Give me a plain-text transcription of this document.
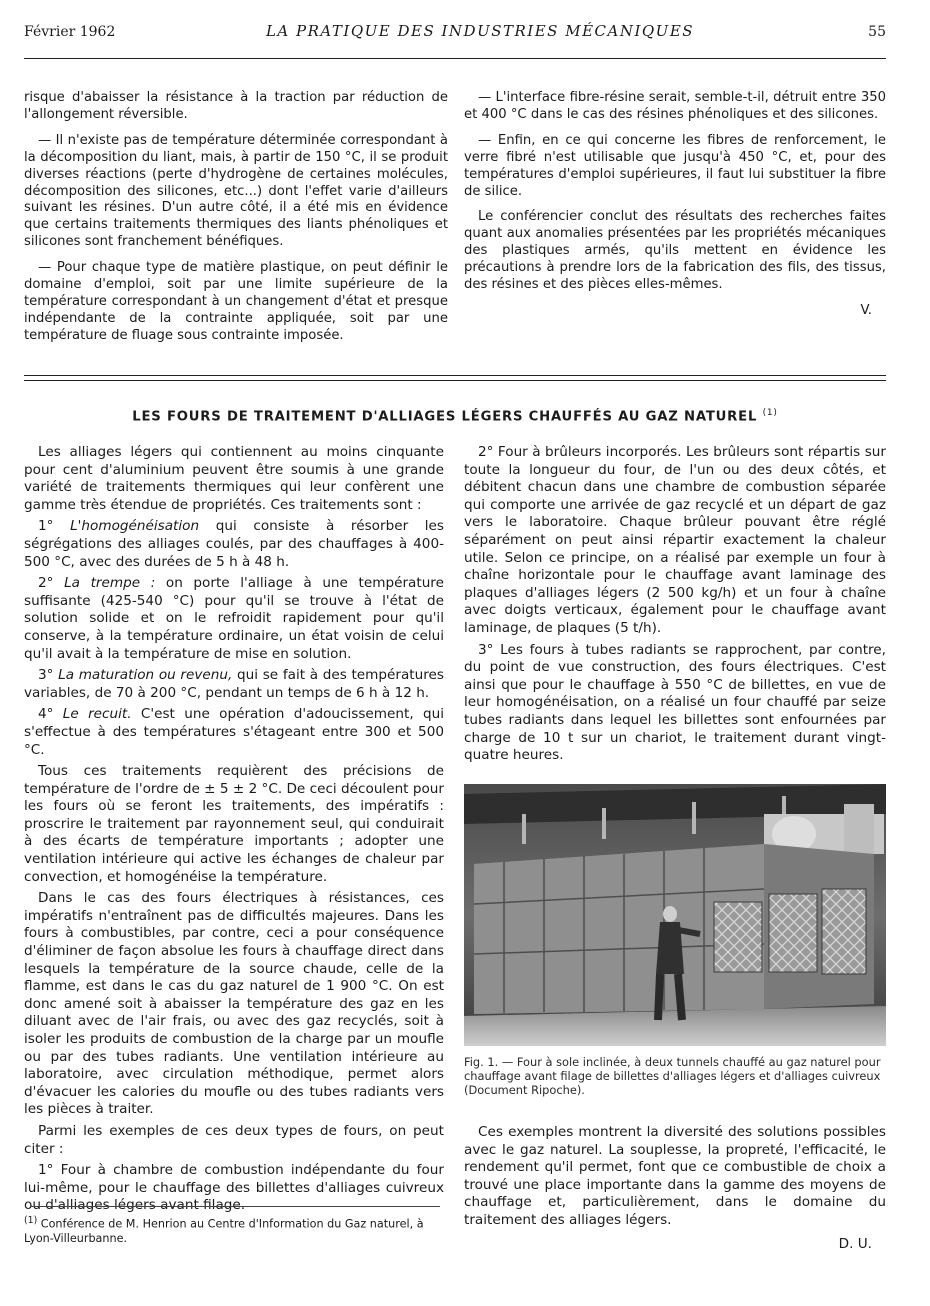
Février 1962	LA PRATIQUE DES INDUSTRIES MÉCANIQUES	55

risque d'abaisser la résistance à la traction par réduction de l'allongement réversible.

— Il n'existe pas de température déterminée correspondant à la décomposition du liant, mais, à partir de 150 °C, il se produit diverses réactions (perte d'hydrogène de certaines molécules, décomposition des silicones, etc...) dont l'effet varie d'ailleurs suivant les résines. D'un autre côté, il a été mis en évidence que certains traitements thermiques des liants phénoliques et silicones sont franchement bénéfiques.

— Pour chaque type de matière plastique, on peut définir le domaine d'emploi, soit par une limite supérieure de la température correspondant à un changement d'état et presque indépendante de la contrainte appliquée, soit par une température de fluage sous contrainte imposée.

— L'interface fibre-résine serait, semble-t-il, détruit entre 350 et 400 °C dans le cas des résines phénoliques et des silicones.

— Enfin, en ce qui concerne les fibres de renforcement, le verre fibré n'est utilisable que jusqu'à 450 °C, et, pour des températures d'emploi supérieures, il faut lui substituer la fibre de silice.

Le conférencier conclut des résultats des recherches faites quant aux anomalies présentées par les propriétés mécaniques des plastiques armés, qu'ils mettent en évidence les précautions à prendre lors de la fabrication des fils, des tissus, des résines et des pièces elles-mêmes.

V.
LES FOURS DE TRAITEMENT D'ALLIAGES LÉGERS CHAUFFÉS AU GAZ NATUREL $^{(1)}$

Les alliages légers qui contiennent au moins cinquante pour cent d'aluminium peuvent être soumis à une grande variété de traitements thermiques qui leur confèrent une gamme très étendue de propriétés. Ces traitements sont :

1° L'homogénéisation qui consiste à résorber les ségrégations des alliages coulés, par des chauffages à 400-500 °C, avec des durées de 5 h à 48 h.

2° La trempe : on porte l'alliage à une température suffisante (425-540 °C) pour qu'il se trouve à l'état de solution solide et on le refroidit rapidement pour qu'il conserve, à la température ordinaire, un état voisin de celui qu'il avait à la température de mise en solution.

3° La maturation ou revenu, qui se fait à des températures variables, de 70 à 200 °C, pendant un temps de 6 h à 12 h.

4° Le recuit. C'est une opération d'adoucissement, qui s'effectue à des températures s'étageant entre 300 et 500 °C.

Tous ces traitements requièrent des précisions de température de l'ordre de ± 5 ± 2 °C. De ceci découlent pour les fours où se feront les traitements, des impératifs : proscrire le traitement par rayonnement seul, qui conduirait à des écarts de température importants ; adopter une ventilation intérieure qui active les échanges de chaleur par convection, et homogénéise la température.

Dans le cas des fours électriques à résistances, ces impératifs n'entraînent pas de difficultés majeures. Dans les fours à combustibles, par contre, ceci a pour conséquence d'éliminer de façon absolue les fours à chauffage direct dans lesquels la température de la source chaude, celle de la flamme, est dans le cas du gaz naturel de 1 900 °C. On est donc amené soit à abaisser la température des gaz en les diluant avec de l'air frais, ou avec des gaz recyclés, soit à isoler les produits de combustion de la charge par un moufle ou par des tubes radiants. Une ventilation intérieure au laboratoire, avec circulation méthodique, permet alors d'évacuer les calories du moufle ou des tubes radiants vers les pièces à traiter.

Parmi les exemples de ces deux types de fours, on peut citer :

1° Four à chambre de combustion indépendante du four lui-même, pour le chauffage des billettes d'alliages cuivreux ou d'alliages légers avant filage.

$^{(1)}$ Conférence de M. Henrion au Centre d'Information du Gaz naturel, à Lyon-Villeurbanne.

2° Four à brûleurs incorporés. Les brûleurs sont répartis sur toute la longueur du four, de l'un ou des deux côtés, et débitent chacun dans une chambre de combustion séparée qui comporte une arrivée de gaz recyclé et un départ de gaz vers le laboratoire. Chaque brûleur pouvant être réglé séparément on peut ainsi répartir exactement la chaleur utile. Selon ce principe, on a réalisé par exemple un four à chaîne horizontale pour le chauffage avant laminage des plaques d'alliages légers (2 500 kg/h) et un four à chaîne avec doigts verticaux, également pour le chauffage avant laminage, de plaques (5 t/h).

3° Les fours à tubes radiants se rapprochent, par contre, du point de vue construction, des fours électriques. C'est ainsi que pour le chauffage à 550 °C de billettes, en vue de leur homogénéisation, on a réalisé un four chauffé par seize tubes radiants dans lequel les billettes sont enfournées par charge de 10 t sur un chariot, le traitement durant vingt-quatre heures.

Fig. 1. — Four à sole inclinée, à deux tunnels chauffé au gaz naturel pour chauffage avant filage de billettes d'alliages légers et d'alliages cuivreux (Document Ripoche).

Ces exemples montrent la diversité des solutions possibles avec le gaz naturel. La souplesse, la propreté, l'efficacité, le rendement qu'il permet, font que ce combustible de choix a trouvé une place importante dans la gamme des moyens de chauffage et, particulièrement, dans le domaine du traitement des alliages légers.

D. U.
